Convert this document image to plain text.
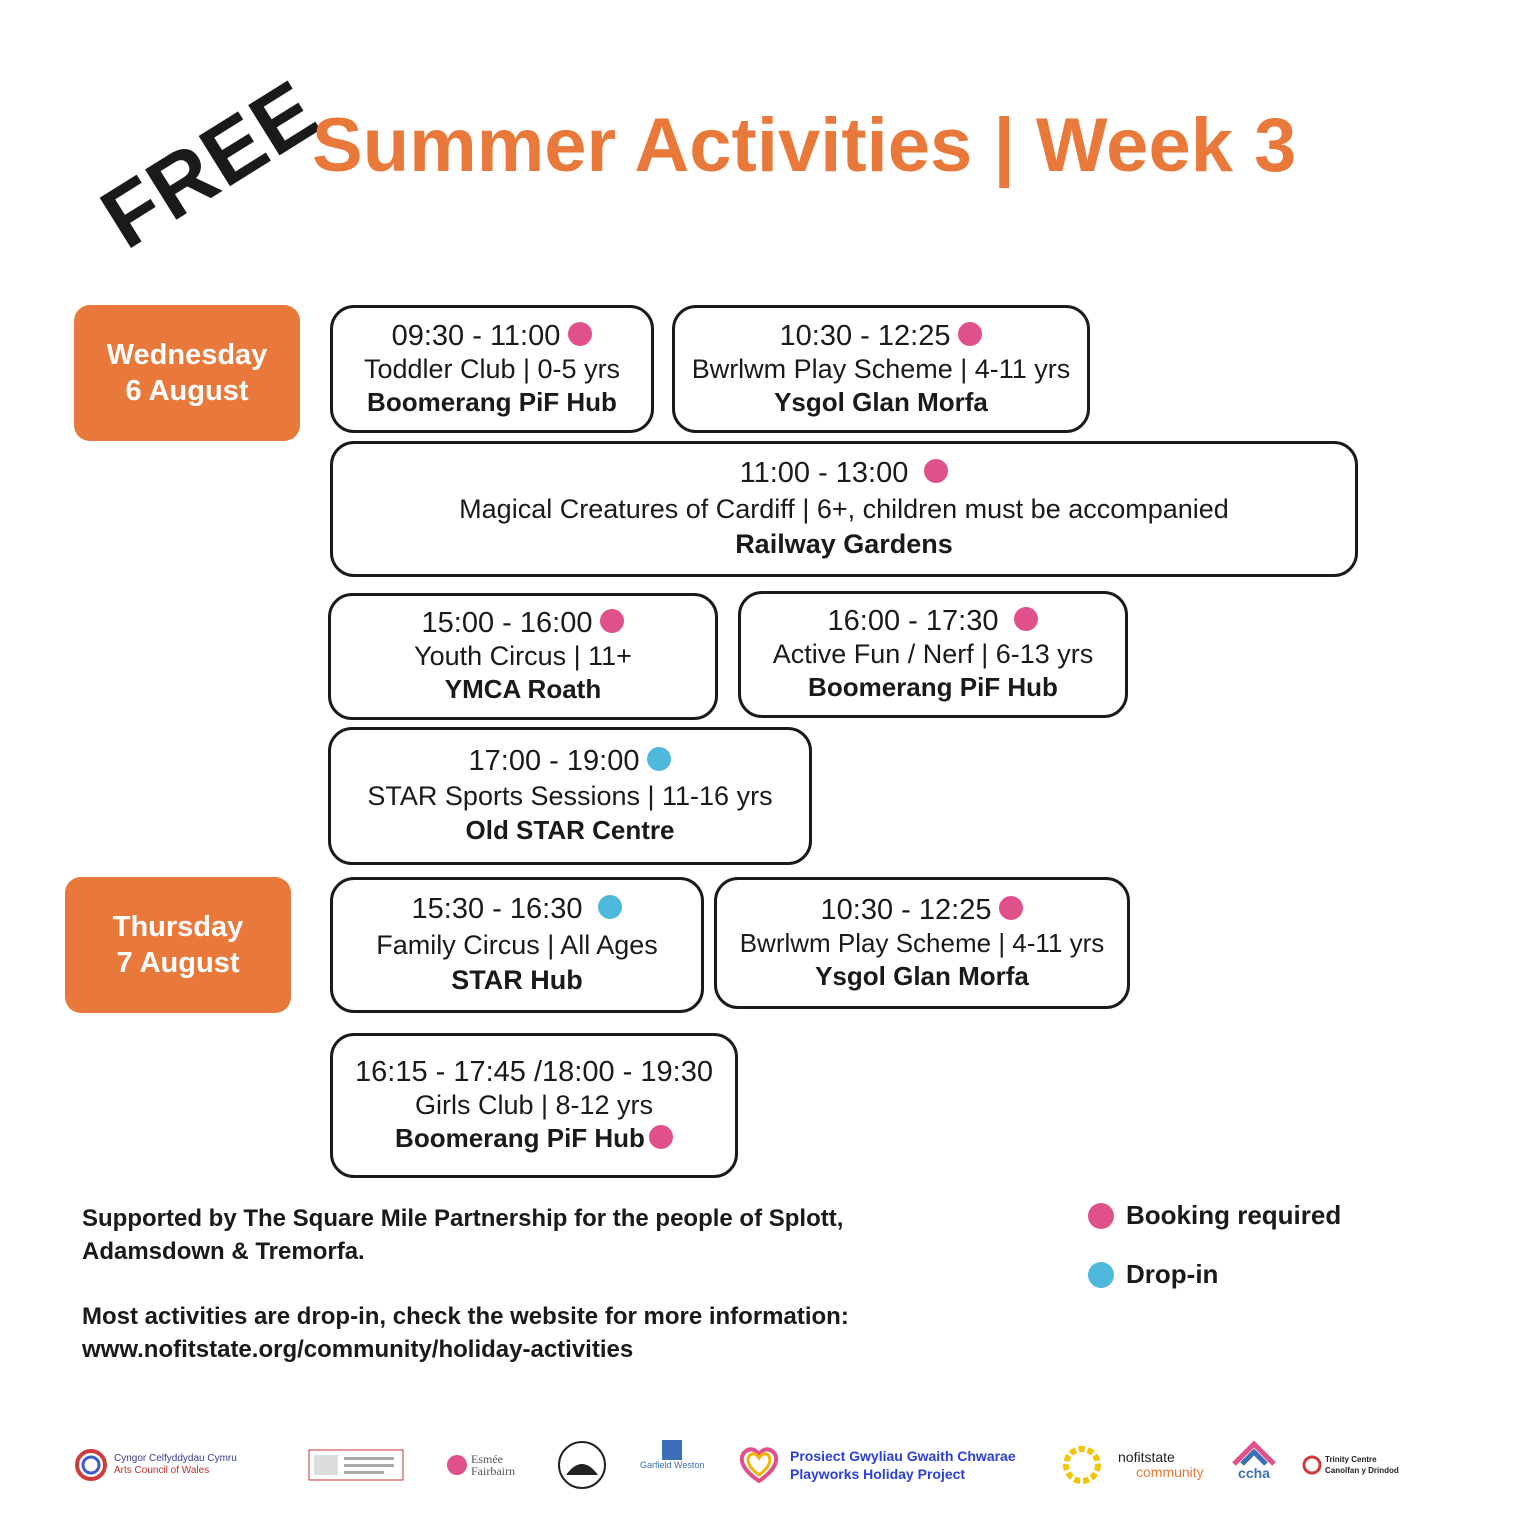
FREE
Summer Activities | Week 3
Wednesday
6 August
Thursday
7 August
09:30 - 11:00
Toddler Club | 0-5 yrs
Boomerang PiF Hub
10:30 - 12:25
Bwrlwm Play Scheme | 4-11 yrs
Ysgol Glan Morfa
11:00 - 13:00
Magical Creatures of Cardiff | 6+, children must be accompanied
Railway Gardens
15:00 - 16:00
Youth Circus | 11+
YMCA Roath
16:00 - 17:30
Active Fun / Nerf | 6-13 yrs
Boomerang PiF Hub
17:00 - 19:00
STAR Sports Sessions | 11-16 yrs
Old STAR Centre
15:30 - 16:30
Family Circus | All Ages
STAR Hub
10:30 - 12:25
Bwrlwm Play Scheme | 4-11 yrs
Ysgol Glan Morfa
16:15 - 17:45 /18:00 - 19:30
Girls Club | 8-12 yrs
Boomerang PiF Hub
Supported by The Square Mile Partnership for the people of Splott,
Adamsdown & Tremorfa.
Most activities are drop-in, check the website for more information:
www.nofitstate.org/community/holiday-activities
Booking required
Drop-in
Cyngor Celfyddydau Cymru
Arts Council of Wales
Esmée
Fairbairn	Garfield Weston
Prosiect Gwyliau Gwaith Chwarae
Playworks Holiday Project
nofitstate
community ccha
Trinity Centre
Canolfan y Drindod
